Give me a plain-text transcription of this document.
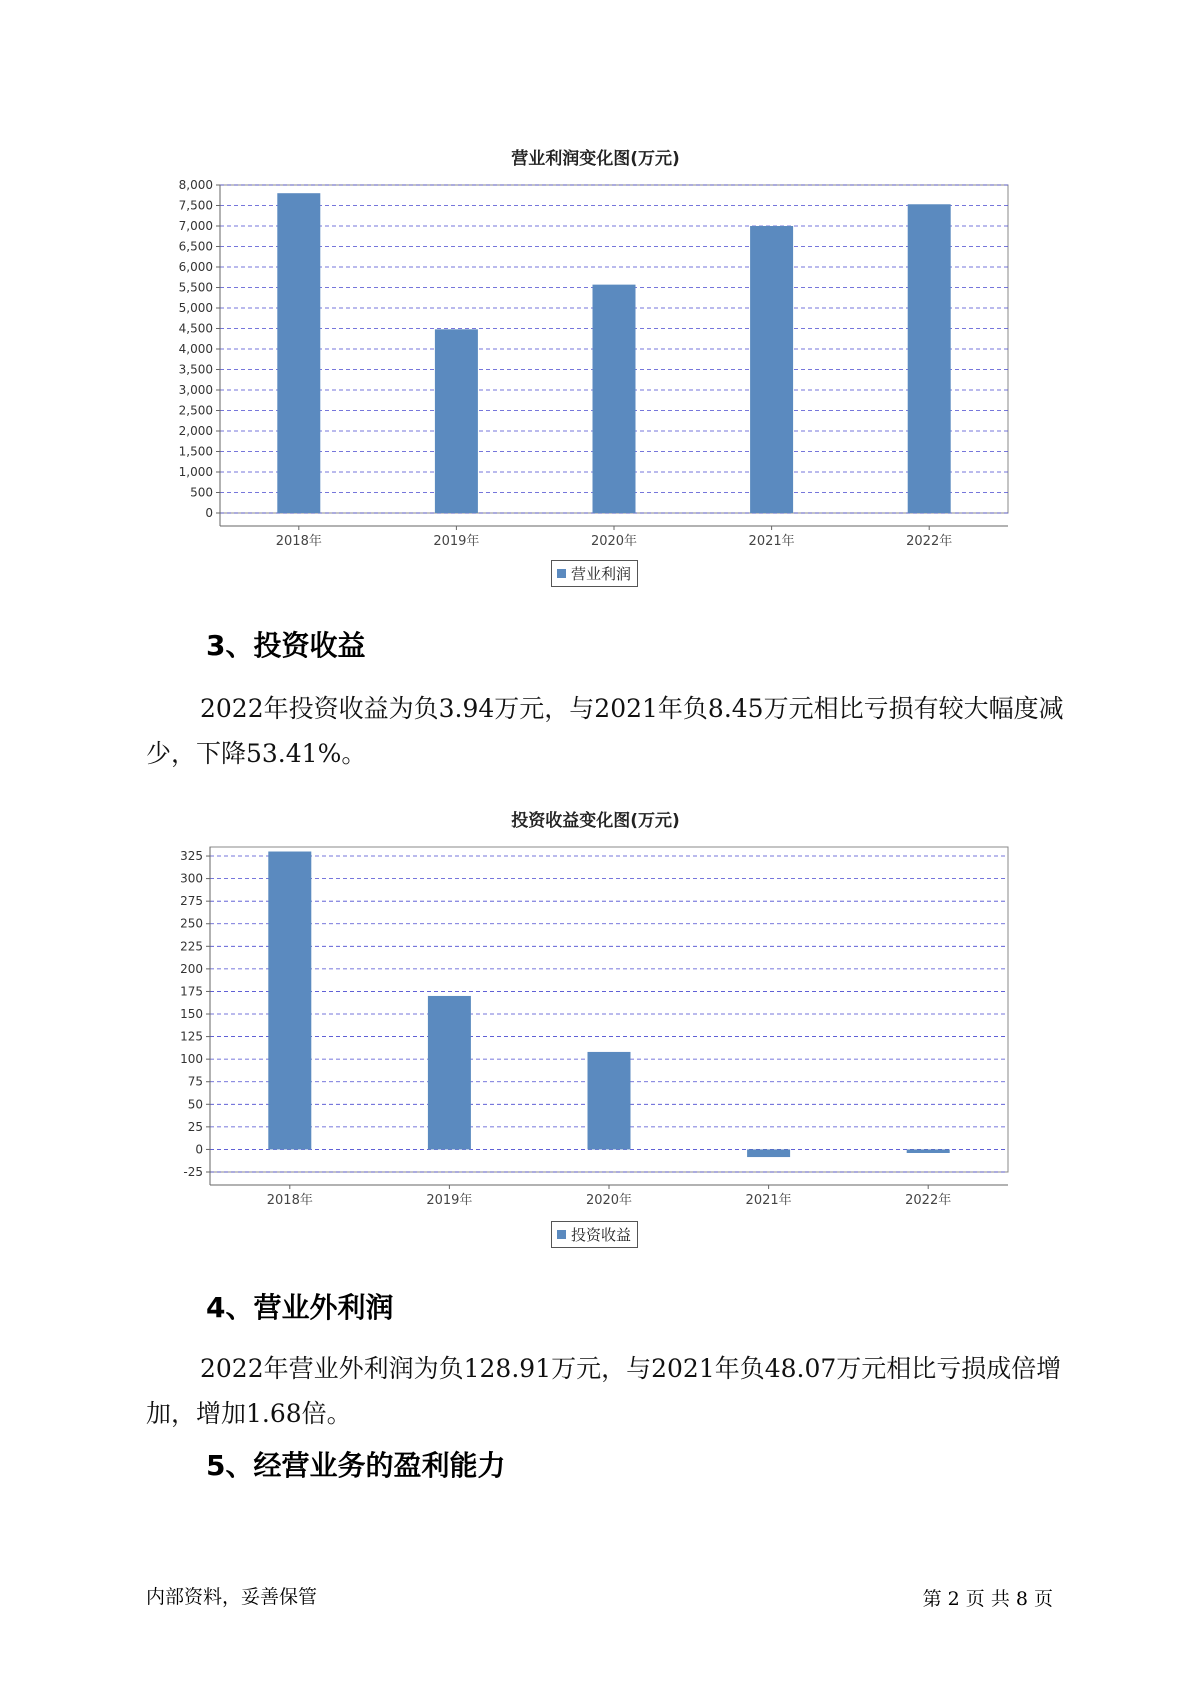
营业利润变化图(万元)
0
500
1,000
1,500
2,000
2,500
3,000
3,500
4,000
4,500
5,000
5,500
6,000
6,500
7,000
7,500
8,000
2018年	2019年	2020年	2021年	2022年
营业利润
3、投资收益

2022年投资收益为负3.94万元，与2021年负8.45万元相比亏损有较大幅度减少，下降53.41%。

投资收益变化图(万元)
-25
0
25
50
75
100
125
150
175
200
225
250
275
300
325
2018年	2019年	2020年	2021年	2022年
投资收益
4、营业外利润

2022年营业外利润为负128.91万元，与2021年负48.07万元相比亏损成倍增加，增加1.68倍。

5、经营业务的盈利能力
内部资料，妥善保管	第 2 页 共 8 页
